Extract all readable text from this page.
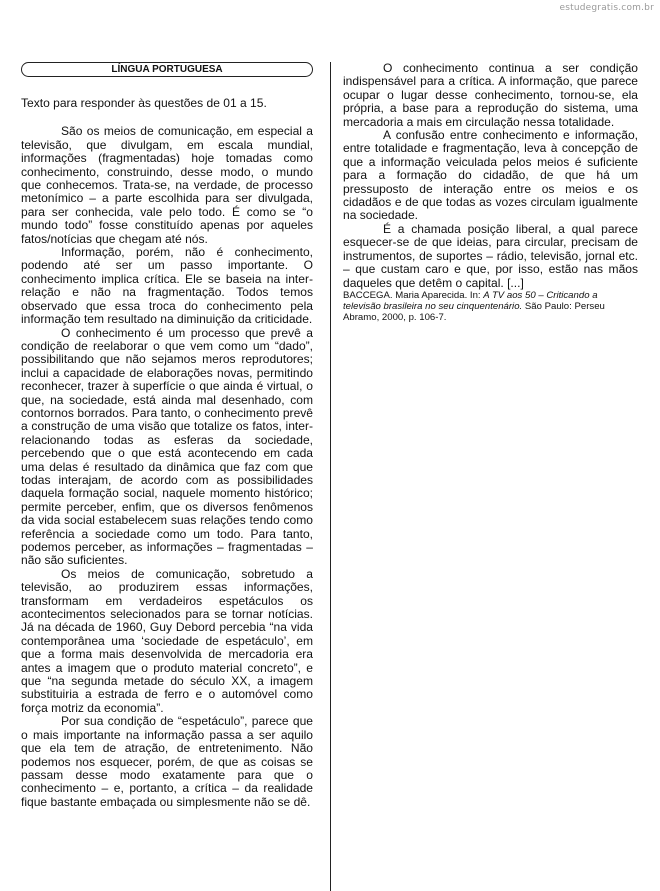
estudegratis.com.br
LÍNGUA PORTUGUESA

Texto para responder às questões de 01 a 15.

São os meios de comunicação, em especial a televisão, que divulgam, em escala mundial, informações (fragmentadas) hoje tomadas como conhecimento, construindo, desse modo, o mundo que conhecemos. Trata-se, na verdade, de processo metonímico – a parte escolhida para ser divulgada, para ser conhecida, vale pelo todo. É como se “o mundo todo” fosse constituído apenas por aqueles fatos/notícias que chegam até nós.

Informação, porém, não é conhecimento, podendo até ser um passo importante. O conhecimento implica crítica. Ele se baseia na inter-relação e não na fragmentação. Todos temos observado que essa troca do conhecimento pela informação tem resultado na diminuição da criticidade.

O conhecimento é um processo que prevê a condição de reelaborar o que vem como um “dado”, possibilitando que não sejamos meros reprodutores; inclui a capacidade de elaborações novas, permitindo reconhecer, trazer à superfície o que ainda é virtual, o que, na sociedade, está ainda mal desenhado, com contornos borrados. Para tanto, o conhecimento prevê a construção de uma visão que totalize os fatos, inter-relacionando todas as esferas da sociedade, percebendo que o que está acontecendo em cada uma delas é resultado da dinâmica que faz com que todas interajam, de acordo com as possibilidades daquela formação social, naquele momento histórico; permite perceber, enfim, que os diversos fenômenos da vida social estabelecem suas relações tendo como referência a sociedade como um todo. Para tanto, podemos perceber, as informações – fragmentadas – não são suficientes.

Os meios de comunicação, sobretudo a televisão, ao produzirem essas informações, transformam em verdadeiros espetáculos os acontecimentos selecionados para se tornar notícias. Já na década de 1960, Guy Debord percebia “na vida contemporânea uma ‘sociedade de espetáculo’, em que a forma mais desenvolvida de mercadoria era antes a imagem que o produto material concreto”, e que “na segunda metade do século XX, a imagem substituiria a estrada de ferro e o automóvel como força motriz da economia”.

Por sua condição de “espetáculo”, parece que o mais importante na informação passa a ser aquilo que ela tem de atração, de entretenimento. Não podemos nos esquecer, porém, de que as coisas se passam desse modo exatamente para que o conhecimento – e, portanto, a crítica – da realidade fique bastante embaçada ou simplesmente não se dê.

O conhecimento continua a ser condição indispensável para a crítica. A informação, que parece ocupar o lugar desse conhecimento, tornou-se, ela própria, a base para a reprodução do sistema, uma mercadoria a mais em circulação nessa totalidade.

A confusão entre conhecimento e informação, entre totalidade e fragmentação, leva à concepção de que a informação veiculada pelos meios é suficiente para a formação do cidadão, de que há um pressuposto de interação entre os meios e os cidadãos e de que todas as vozes circulam igualmente na sociedade.

É a chamada posição liberal, a qual parece esquecer-se de que ideias, para circular, precisam de instrumentos, de suportes – rádio, televisão, jornal etc. – que custam caro e que, por isso, estão nas mãos daqueles que detêm o capital. [...]

BACCEGA. Maria Aparecida. In: A TV aos 50 – Criticando a televisão brasileira no seu cinquentenário. São Paulo: Perseu Abramo, 2000, p. 106-7.
